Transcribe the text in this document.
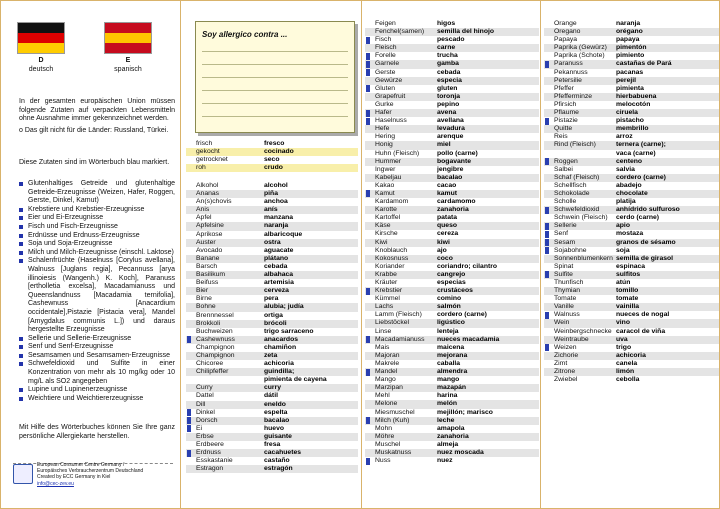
D
deutsch
E
spanisch
In der gesamten europäischen Union müssen folgende Zutaten auf verpackten Lebensmitteln ohne Ausnahme immer gekennzeichnet werden.
o Das gilt nicht für die Länder: Russland, Türkei.
Diese Zutaten sind im Wörterbuch blau markiert.
Glutenhaltiges Getreide und glutenhaltige Getreide-Erzeugnisse (Weizen, Hafer, Roggen, Gerste, Dinkel, Kamut)
Krebstiere und Krebstier-Erzeugnisse
Eier und Ei-Erzeugnisse
Fisch und Fisch-Erzeugnisse
Erdnüsse und Erdnuss-Erzeugnisse
Soja und Soja-Erzeugnisse
Milch und Milch-Erzeugnisse (einschl. Laktose)
Schalenfrüchte (Haselnuss [Corylus avellana], Walnuss [Juglans regia], Pecannuss [arya illinoiesis (Wangenh.) K. Koch], Paranuss [ertholletia excelsa], Macadamianuss und Queenslandnuss [Macadamia ternifolia], Cashewnuss [Anacardium occidentale],Pistazie [Pistacia vera], Mandel [Amygdalus communis L.]) und daraus hergestellte Erzeugnisse
Sellerie und Sellerie-Erzeugnisse
Senf und Senf-Erzeugnisse
Sesamsamen und Sesamsamen-Erzeugnisse
Schwefeldioxid und Sulfite in einer Konzentration von mehr als 10 mg/kg oder 10 mg/L als SO2 angegeben
Lupine und Lupinenerzeugnisse
Weichtiere und Weichtiererzeugnisse
Mit Hilfe des Wörterbuches können Sie Ihre ganz persönliche Allergiekarte herstellen.
European Consumer Centre Germany /
Europäisches Verbraucherzentrum Deutschland
Created by ECC Germany in Kiel
info@cec-zev.eu
Soy allergico contra ...
frisch	fresco
gekocht	cocinado
getrocknet	seco
roh	crudo
Alkohol	alcohol
Ananas	piña
An(s)chovis	anchoa
Anis	anís
Apfel	manzana
Apfelsine	naranja
Aprikose	albaricoque
Auster	ostra
Avocado	aguacate
Banane	plátano
Barsch	cebada
Basilikum	albahaca
Beifuss	artemisia
Bier	cerveza
Birne	pera
Bohne	alubia; judía
Brennnessel	ortiga
Brokkoli	brócoli
Buchweizen	trigo sarraceno
Cashewnuss	anacardos
Champignon	chamiñon
Champignon	zeta
Chicoree	achicoria
Chilipfeffer	guindilla;
	pimienta de cayena
Curry	curry
Dattel	dátil
Dill	eneldo
Dinkel	espelta
Dorsch	bacalao
Ei	huevo
Erbse	guisante
Erdbeere	fresa
Erdnuss	cacahuetes
Esskastanie	castaño
Estragon	estragón
Feigen	higos
Fenchel(samen)	semilla del hinojo
Fisch	pescado
Fleisch	carne
Forelle	trucha
Garnele	gamba
Gerste	cebada
Gewürze	especia
Gluten	gluten
Grapefruit	toronja
Gurke	pepino
Hafer	avena
Haselnuss	avellana
Hefe	levadura
Hering	arenque
Honig	miel
Huhn (Fleisch)	pollo (carne)
Hummer	bogavante
Ingwer	jengibre
Kabeljau	bacalao
Kakao	cacao
Kamut	kamut
Kardamom	cardamomo
Karotte	zanahoria
Kartoffel	patata
Käse	queso
Kirsche	cereza
Kiwi	kiwi
Knoblauch	ajo
Kokosnuss	coco
Koriander	coriandro; cilantro
Krabbe	cangrejo
Kräuter	especias
Krebstier	crustáceos
Kümmel	comino
Lachs	salmón
Lamm (Fleisch)	cordero (carne)
Liebstöckel	ligústico
Linse	lenteja
Macadamianuss	nueces macadamia
Mais	maicena
Majoran	mejorana
Makrele	caballa
Mandel	almendra
Mango	mango
Marzipan	mazapán
Mehl	harina
Melone	melón
Miesmuschel	mejillón; marisco
Milch (Kuh)	leche
Mohn	amapola
Möhre	zanahoria
Muschel	almeja
Muskatnuss	nuez moscada
Nuss	nuez
Orange	naranja
Oregano	orégano
Papaya	papaya
Paprika (Gewürz)	pimentón
Paprika (Schote)	pimiento
Paranuss	castañas de Pará
Pekannuss	pacanas
Petersilie	perejil
Pfeffer	pimienta
Pfefferminze	hierbabuena
Pfirsich	melocotón
Pflaume	ciruela
Pistazie	pistacho
Quitte	membrillo
Reis	arroz
Rind (Fleisch)	ternera (carne);
	vaca (carne)
Roggen	centeno
Salbei	salvia
Schaf (Fleisch)	cordero (carne)
Schellfisch	abadejo
Schokolade	chocolate
Scholle	platija
Schwefeldioxid	anhídrido sulfuroso
Schwein (Fleisch)	cerdo (carne)
Sellerie	apio
Senf	mostaza
Sesam	granos de sésamo
Sojabohne	soja
Sonnenblumenkern	semilla de girasol
Spinat	espinaca
Sulfite	sulfitos
Thunfisch	atún
Thymian	tomillo
Tomate	tomate
Vanille	vainilla
Walnuss	nueces de nogal
Wein	vino
Weinbergschnecke	caracol de viña
Weintraube	uva
Weizen	trigo
Zichorie	achicoria
Zimt	canela
Zitrone	limón
Zwiebel	cebolla
